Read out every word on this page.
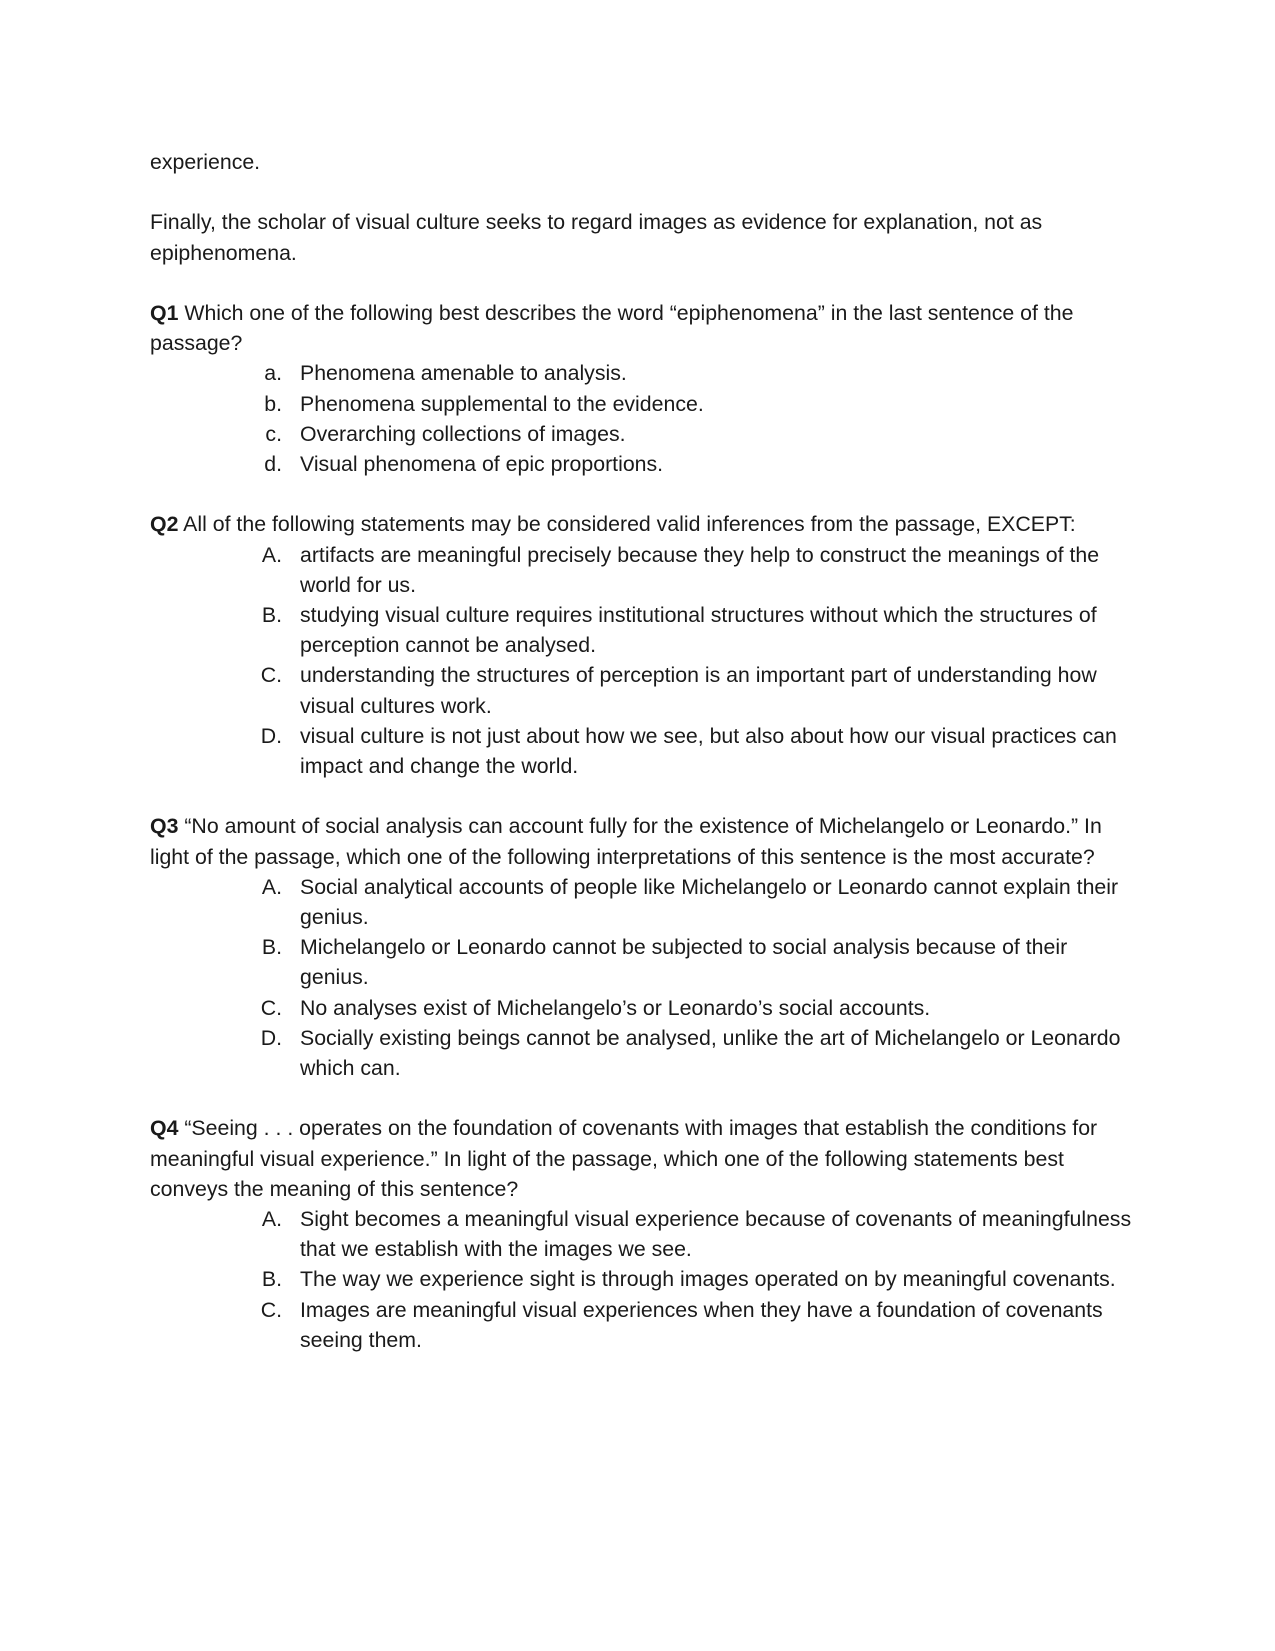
experience.

Finally, the scholar of visual culture seeks to regard images as evidence for explanation, not as epiphenomena.

Q1 Which one of the following best describes the word “epiphenomena” in the last sentence of the passage?

a. Phenomena amenable to analysis.
b. Phenomena supplemental to the evidence.
c. Overarching collections of images.
d. Visual phenomena of epic proportions.

Q2 All of the following statements may be considered valid inferences from the passage, EXCEPT:

A. artifacts are meaningful precisely because they help to construct the meanings of the world for us.
B. studying visual culture requires institutional structures without which the structures of perception cannot be analysed.
C. understanding the structures of perception is an important part of understanding how visual cultures work.
D. visual culture is not just about how we see, but also about how our visual practices can impact and change the world.

Q3 “No amount of social analysis can account fully for the existence of Michelangelo or Leonardo.” In light of the passage, which one of the following interpretations of this sentence is the most accurate?

A. Social analytical accounts of people like Michelangelo or Leonardo cannot explain their genius.
B. Michelangelo or Leonardo cannot be subjected to social analysis because of their genius.
C. No analyses exist of Michelangelo’s or Leonardo’s social accounts.
D. Socially existing beings cannot be analysed, unlike the art of Michelangelo or Leonardo which can.

Q4 “Seeing . . . operates on the foundation of covenants with images that establish the conditions for meaningful visual experience.” In light of the passage, which one of the following statements best conveys the meaning of this sentence?

A. Sight becomes a meaningful visual experience because of covenants of meaningfulness that we establish with the images we see.
B. The way we experience sight is through images operated on by meaningful covenants.
C. Images are meaningful visual experiences when they have a foundation of covenants seeing them.
